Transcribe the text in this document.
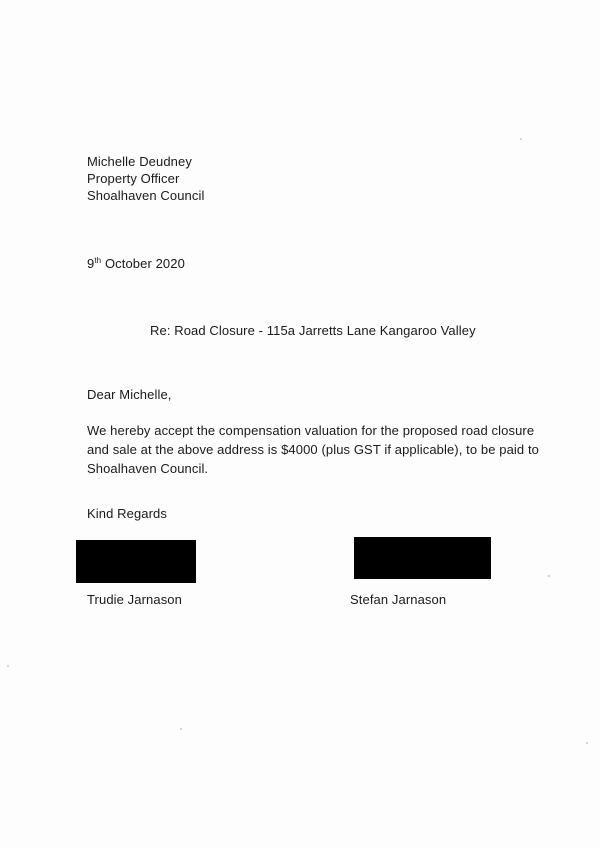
Michelle Deudney
Property Officer
Shoalhaven Council
9th October 2020
Re: Road Closure - 115a Jarretts Lane Kangaroo Valley
Dear Michelle,
We hereby accept the compensation valuation for the proposed road closure
and sale at the above address is $4000 (plus GST if applicable), to be paid to
Shoalhaven Council.
Kind Regards
Trudie Jarnason	Stefan Jarnason
